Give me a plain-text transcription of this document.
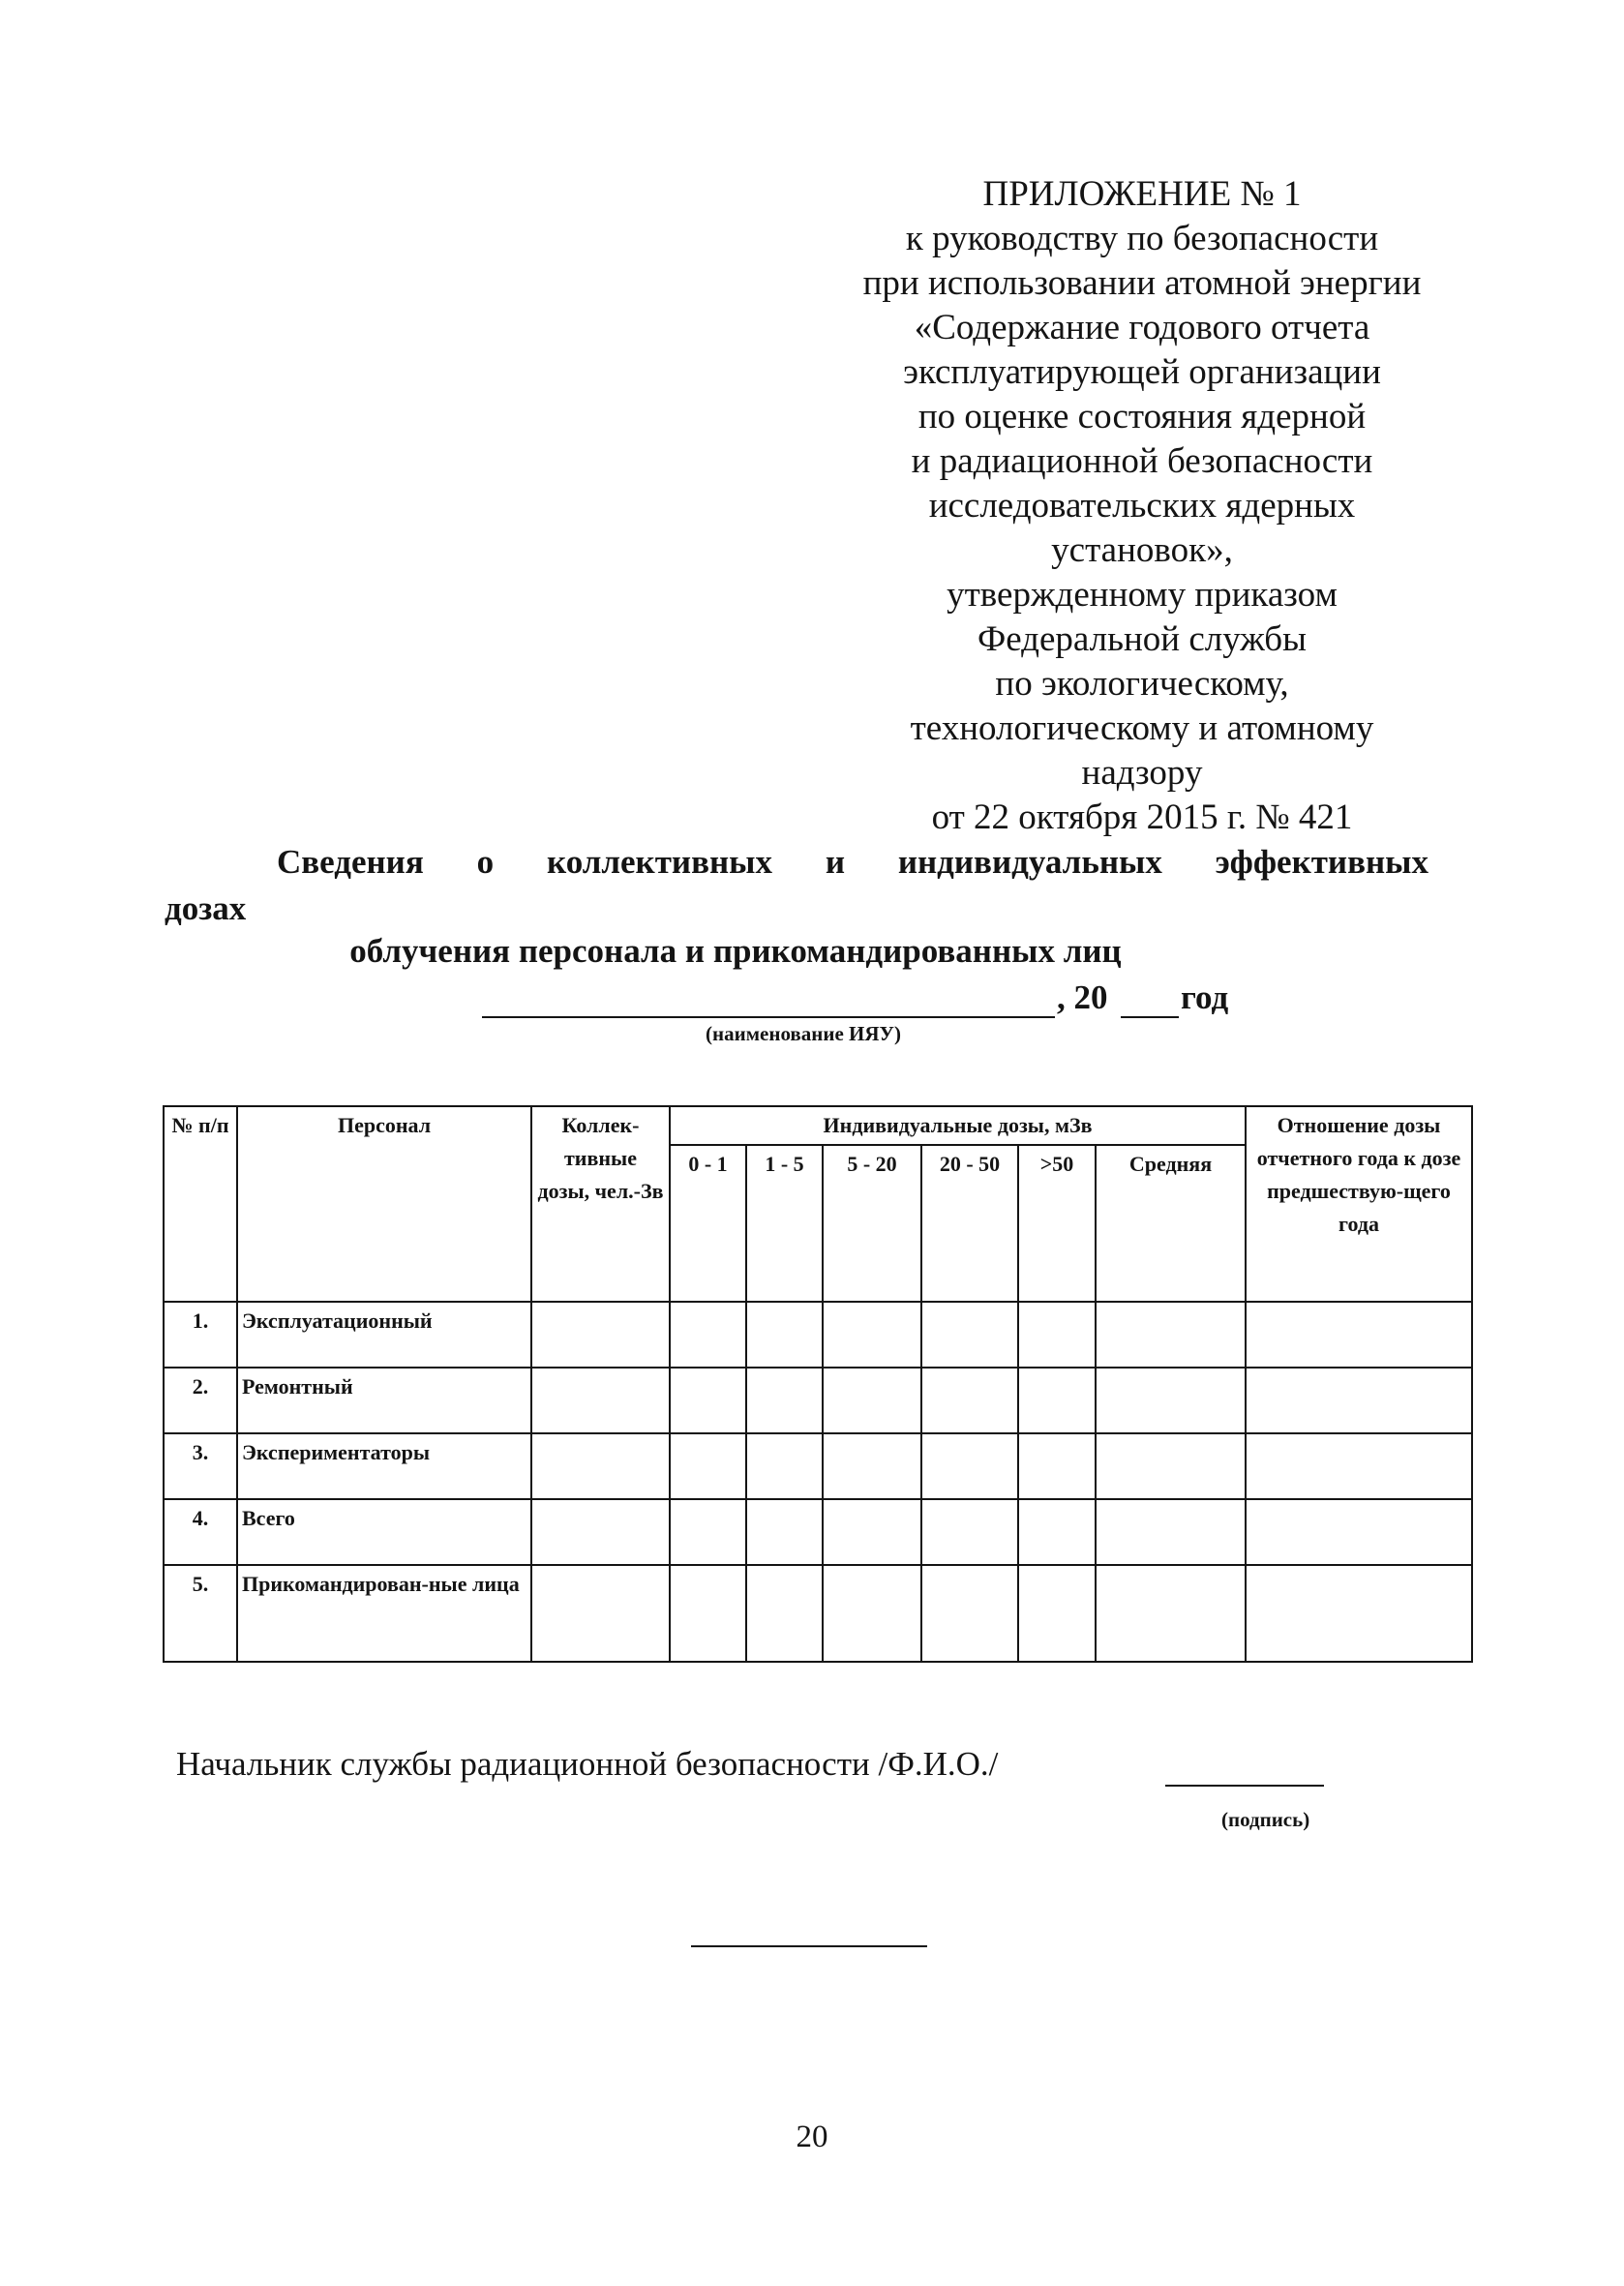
ПРИЛОЖЕНИЕ № 1
к руководству по безопасности
при использовании атомной энергии
«Содержание годового отчета
эксплуатирующей организации
по оценке состояния ядерной
и радиационной безопасности
исследовательских ядерных
установок»,
утвержденному приказом
Федеральной службы
по экологическому,
технологическому и атомному
надзору
от 22 октября 2015 г. № 421
Сведения о коллективных и индивидуальных эффективных
дозах
облучения персонала и прикомандированных лиц
, 20 год
(наименование ИЯУ)
№ п/п	Персонал	Коллек-тивные дозы, чел.-Зв	Индивидуальные дозы, мЗв						Отношение дозы отчетного года к дозе предшествую-щего года
			0 - 1	1 - 5	5 - 20	20 - 50	>50	Средняя	
1.	Эксплуатационный								
2.	Ремонтный								
3.	Экспериментаторы								
4.	Всего								
5.	Прикомандирован-ные лица								
Начальник службы радиационной безопасности /Ф.И.О./
(подпись)
20
